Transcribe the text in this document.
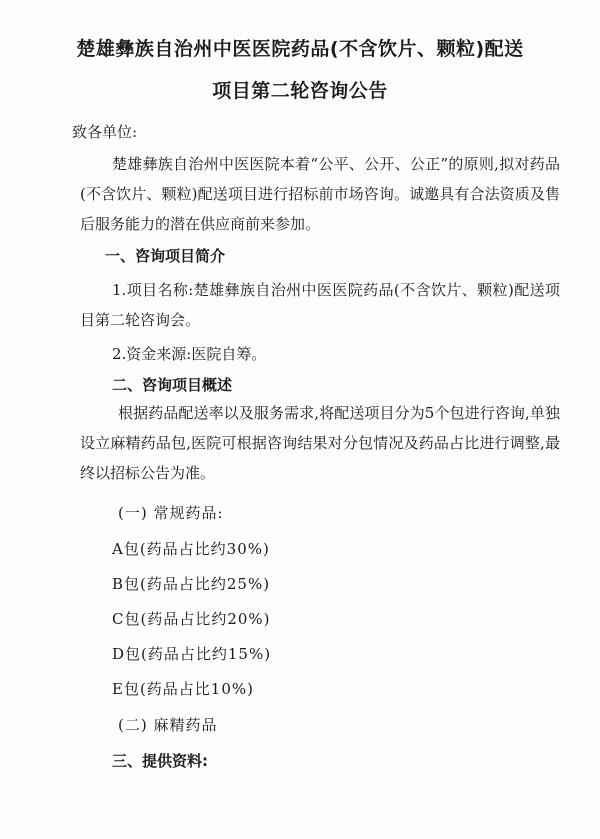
楚雄彝族自治州中医医院药品(不含饮片、颗粒)配送
项目第二轮咨询公告
致各单位:
楚雄彝族自治州中医医院本着“公平、公开、公正”的原则,拟对药品(不含饮片、颗粒)配送项目进行招标前市场咨询。诚邀具有合法资质及售后服务能力的潜在供应商前来参加。
一、咨询项目简介
1.项目名称:楚雄彝族自治州中医医院药品(不含饮片、颗粒)配送项目第二轮咨询会。
2.资金来源:医院自筹。
二、咨询项目概述
根据药品配送率以及服务需求,将配送项目分为5个包进行咨询,单独设立麻精药品包,医院可根据咨询结果对分包情况及药品占比进行调整,最终以招标公告为准。
(一) 常规药品:
A包(药品占比约30%)
B包(药品占比约25%)
C包(药品占比约20%)
D包(药品占比约15%)
E包(药品占比10%)
(二) 麻精药品
三、提供资料:
